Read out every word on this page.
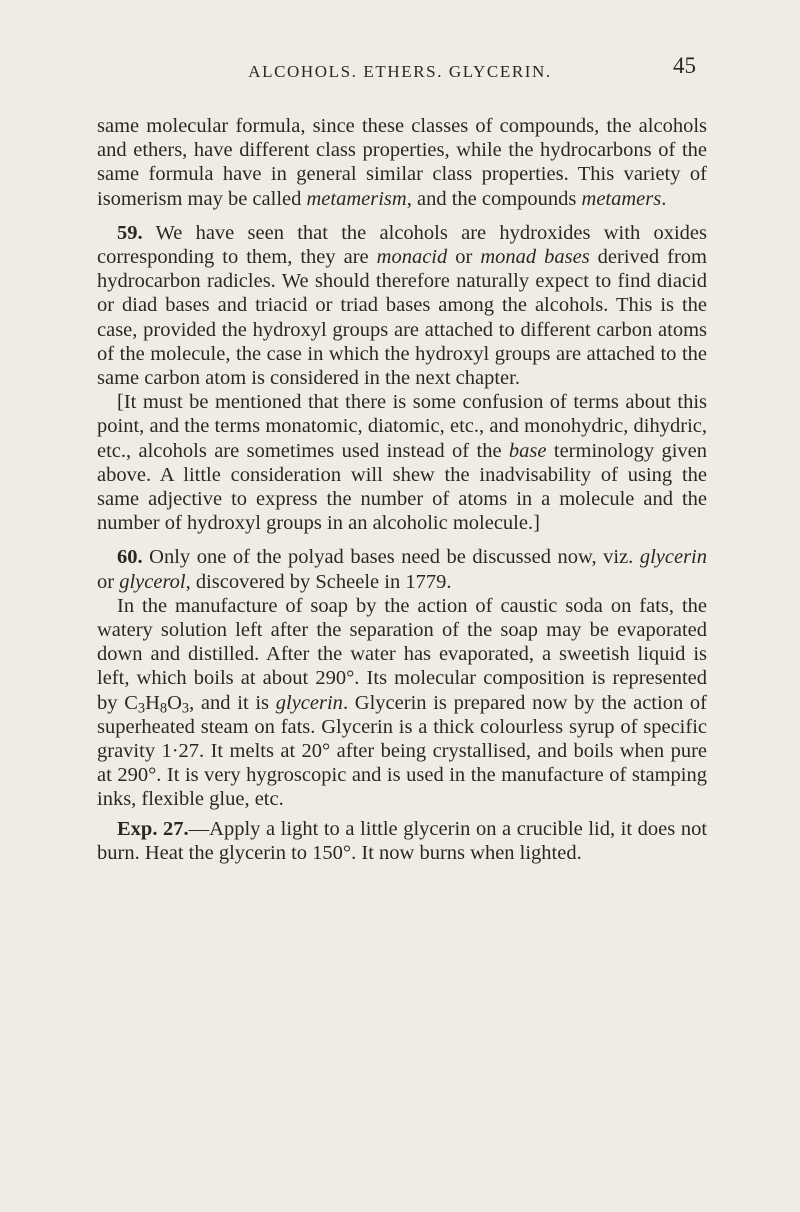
ALCOHOLS. ETHERS. GLYCERIN.	45

same molecular formula, since these classes of compounds, the alcohols and ethers, have different class properties, while the hydrocarbons of the same formula have in general similar class properties. This variety of isomerism may be called metamerism, and the compounds metamers.

59. We have seen that the alcohols are hydroxides with oxides corresponding to them, they are monacid or monad bases derived from hydrocarbon radicles. We should therefore naturally expect to find diacid or diad bases and triacid or triad bases among the alcohols. This is the case, provided the hydroxyl groups are attached to different carbon atoms of the molecule, the case in which the hydroxyl groups are attached to the same carbon atom is considered in the next chapter.

[It must be mentioned that there is some confusion of terms about this point, and the terms monatomic, diatomic, etc., and monohydric, dihydric, etc., alcohols are sometimes used instead of the base terminology given above. A little consideration will shew the inadvisability of using the same adjective to express the number of atoms in a molecule and the number of hydroxyl groups in an alcoholic molecule.]

60. Only one of the polyad bases need be discussed now, viz. glycerin or glycerol, discovered by Scheele in 1779.

In the manufacture of soap by the action of caustic soda on fats, the watery solution left after the separation of the soap may be evaporated down and distilled. After the water has evaporated, a sweetish liquid is left, which boils at about 290°. Its molecular composition is represented by $C_3H_8O_3$, and it is glycerin. Glycerin is prepared now by the action of superheated steam on fats. Glycerin is a thick colourless syrup of specific gravity 1·27. It melts at 20° after being crystallised, and boils when pure at 290°. It is very hygroscopic and is used in the manufacture of stamping inks, flexible glue, etc.

Exp. 27.—Apply a light to a little glycerin on a crucible lid, it does not burn. Heat the glycerin to 150°. It now burns when lighted.
